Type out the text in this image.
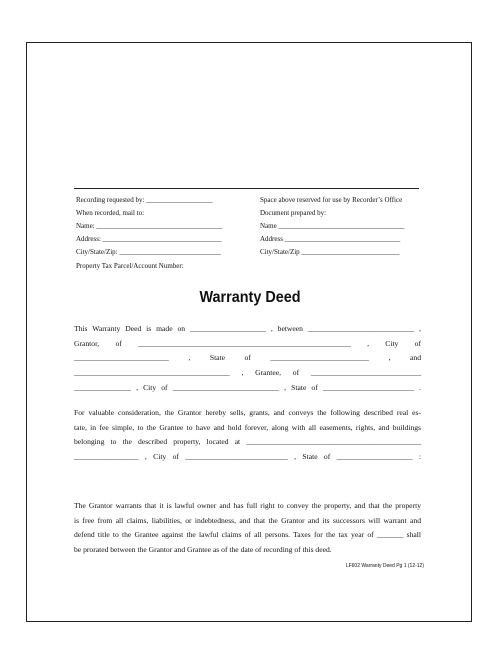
Recording requested by: ___________________
When recorded, mail to:
Name: ____________________________________
Address: __________________________________
City/State/Zip: _____________________________
Property Tax Parcel/Account Number:
Space above reserved for use by Recorder’s Office
Document prepared by:
Name ____________________________________
Address _________________________________
City/State/Zip ____________________________
Warranty Deed

This Warranty Deed is made on ____________________ , between ____________________________ ,

Grantor, of ________________________________________________________ , City of

_________________________ , State of __________________________ , and

_________________________________________ , Grantee, of _____________________________

_______________ , City of ____________________________ , State of ________________________ .

For valuable consideration, the Grantor hereby sells, grants, and conveys the following described real es-

tate, in fee simple, to the Grantee to have and hold forever, along with all easements, rights, and buildings

belonging to the described property, located at ______________________________________________

_________________ , City of ___________________________ , State of ____________________ :

The Grantor warrants that it is lawful owner and has full right to convey the property, and that the property

is free from all claims, liabilities, or indebtedness, and that the Grantor and its successors will warrant and

defend title to the Grantee against the lawful claims of all persons. Taxes for the tax year of _______ shall

be prorated between the Grantor and Grantee as of the date of recording of this deed.

LF602 Warranty Deed Pg 1 (12-12)
